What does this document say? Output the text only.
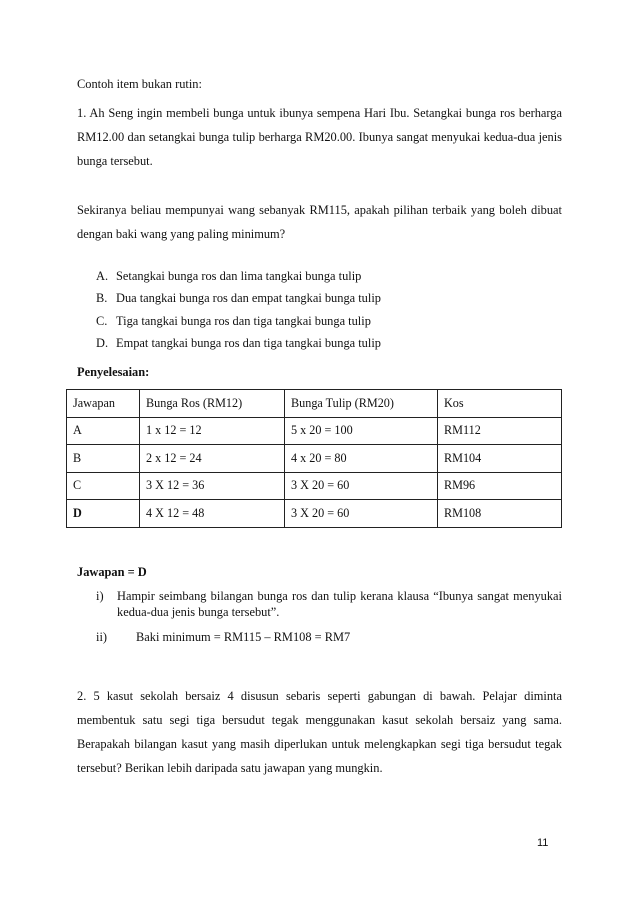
Contoh item bukan rutin:

1. Ah Seng ingin membeli bunga untuk ibunya sempena Hari Ibu. Setangkai bunga ros berharga RM12.00 dan setangkai bunga tulip berharga RM20.00. Ibunya sangat menyukai kedua-dua jenis bunga tersebut.

Sekiranya beliau mempunyai wang sebanyak RM115, apakah pilihan terbaik yang boleh dibuat dengan baki wang yang paling minimum?

A. Setangkai bunga ros dan lima tangkai bunga tulip
B. Dua tangkai bunga ros dan empat tangkai bunga tulip
C. Tiga tangkai bunga ros dan tiga tangkai bunga tulip
D. Empat tangkai bunga ros dan tiga tangkai bunga tulip
Penyelesaian:
Jawapan	Bunga Ros (RM12)	Bunga Tulip (RM20)	Kos
A	1 x 12 = 12	5 x 20 = 100	RM112
B	2 x 12 = 24	4 x 20 = 80	RM104
C	3 X 12 = 36	3 X 20 = 60	RM96
D	4 X 12 = 48	3 X 20 = 60	RM108
Jawapan = D
i)	Hampir seimbang bilangan bunga ros dan tulip kerana klausa “Ibunya sangat menyukai kedua-dua jenis bunga tersebut”.
ii)	Baki minimum = RM115 – RM108 = RM7

2. 5 kasut sekolah bersaiz 4 disusun sebaris seperti gabungan di bawah. Pelajar diminta membentuk satu segi tiga bersudut tegak menggunakan kasut sekolah bersaiz yang sama. Berapakah bilangan kasut yang masih diperlukan untuk melengkapkan segi tiga bersudut tegak tersebut? Berikan lebih daripada satu jawapan yang mungkin.

11
